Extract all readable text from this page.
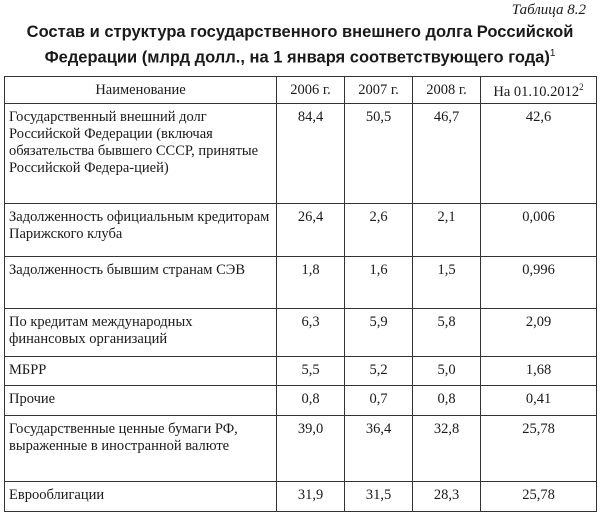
Таблица 8.2
Состав и структура государственного внешнего долга Российской
Федерации (млрд долл., на 1 января соответствующего года)$^1$
Наименование	2006 г.	2007 г.	2008 г.	На 01.10.2012$^2$
Государственный внешний долг Российской Федерации (включая обязательства бывшего СССР, принятые Российской Федера-цией)	84,4	50,5	46,7	42,6
Задолженность официальным кредиторам Парижского клуба	26,4	2,6	2,1	0,006
Задолженность бывшим странам СЭВ	1,8	1,6	1,5	0,996
По кредитам международных финансовых организаций	6,3	5,9	5,8	2,09
МБРР	5,5	5,2	5,0	1,68
Прочие	0,8	0,7	0,8	0,41
Государственные ценные бумаги РФ, выраженные в иностранной валюте	39,0	36,4	32,8	25,78
Еврооблигации	31,9	31,5	28,3	25,78
